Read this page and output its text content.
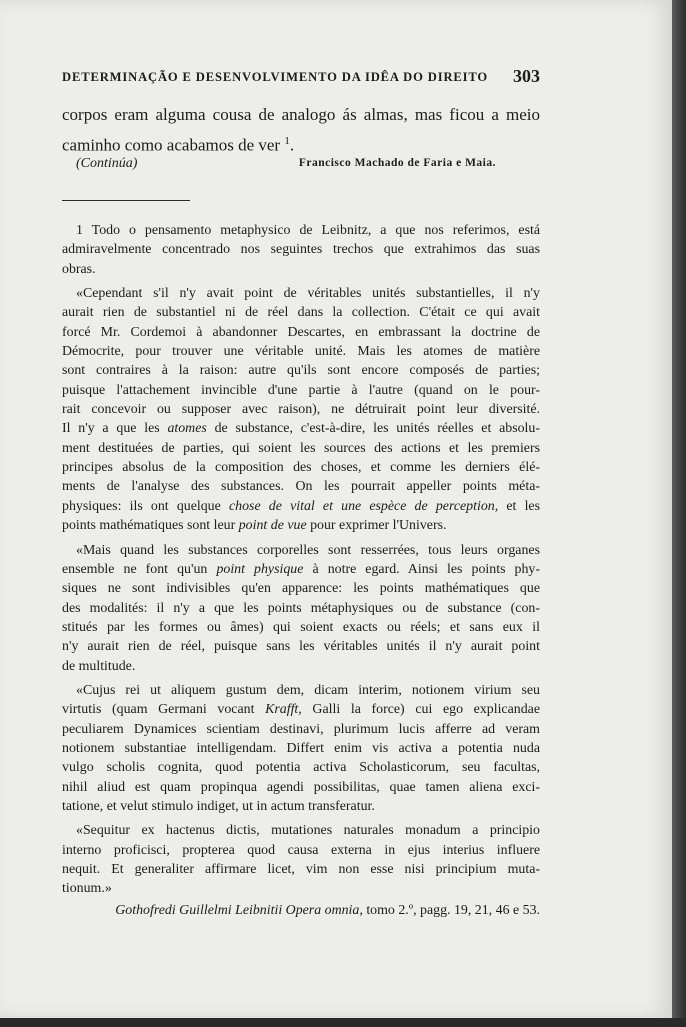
DETERMINAÇÃO E DESENVOLVIMENTO DA IDÊA DO DIREITO 303

corpos eram alguma cousa de analogo ás almas, mas ficou a meio

caminho como acabamos de ver $^1$.

(Continúa)	Francisco Machado de Faria e Maia.

1 Todo o pensamento metaphysico de Leibnitz, a que nos referimos, está
admiravelmente concentrado nos seguintes trechos que extrahimos das suas
obras.

«Cependant s'il n'y avait point de véritables unités substantielles, il n'y
aurait rien de substantiel ni de réel dans la collection. C'était ce qui avait
forcé Mr. Cordemoi à abandonner Descartes, en embrassant la doctrine de
Démocrite, pour trouver une véritable unité. Mais les atomes de matière
sont contraires à la raison: autre qu'ils sont encore composés de parties;
puisque l'attachement invincible d'une partie à l'autre (quand on le pour-
rait concevoir ou supposer avec raison), ne détruirait point leur diversité.
Il n'y a que les atomes de substance, c'est-à-dire, les unités réelles et absolu-
ment destituées de parties, qui soient les sources des actions et les premiers
principes absolus de la composition des choses, et comme les derniers élé-
ments de l'analyse des substances. On les pourrait appeller points méta-
physiques: ils ont quelque chose de vital et une espèce de perception, et les
points mathématiques sont leur point de vue pour exprimer l'Univers.

«Mais quand les substances corporelles sont resserrées, tous leurs organes
ensemble ne font qu'un point physique à notre egard. Ainsi les points phy-
siques ne sont indivisibles qu'en apparence: les points mathématiques que
des modalités: il n'y a que les points métaphysiques ou de substance (con-
stitués par les formes ou âmes) qui soient exacts ou réels; et sans eux il
n'y aurait rien de réel, puisque sans les véritables unités il n'y aurait point
de multitude.

«Cujus rei ut aliquem gustum dem, dicam interim, notionem virium seu
virtutis (quam Germani vocant Krafft, Galli la force) cui ego explicandae
peculiarem Dynamices scientiam destinavi, plurimum lucis afferre ad veram
notionem substantiae intelligendam. Differt enim vis activa a potentia nuda
vulgo scholis cognita, quod potentia activa Scholasticorum, seu facultas,
nihil aliud est quam propinqua agendi possibilitas, quae tamen aliena exci-
tatione, et velut stimulo indiget, ut in actum transferatur.

«Sequitur ex hactenus dictis, mutationes naturales monadum a principio
interno proficisci, propterea quod causa externa in ejus interius influere
nequit. Et generaliter affirmare licet, vim non esse nisi principium muta-
tionum.»
Gothofredi Guillelmi Leibnitii Opera omnia, tomo 2.º, pagg. 19, 21, 46 e 53.
